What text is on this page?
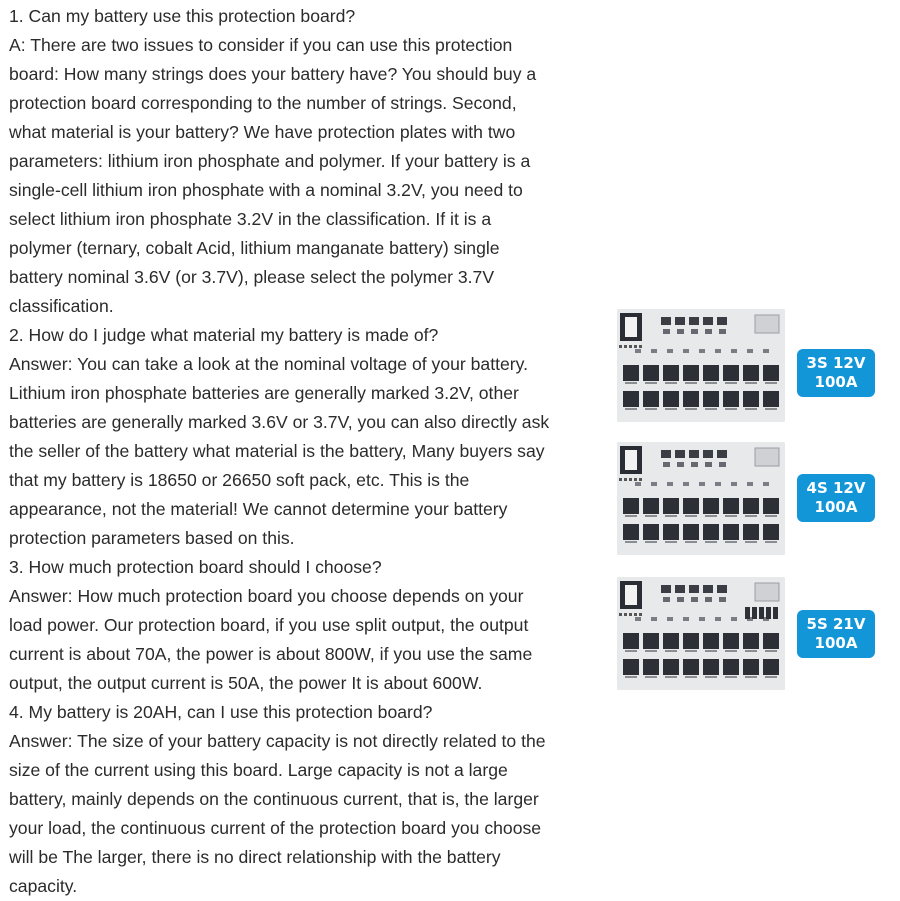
1. Can my battery use this protection board?
A: There are two issues to consider if you can use this protection
board: How many strings does your battery have? You should buy a
protection board corresponding to the number of strings. Second,
what material is your battery? We have protection plates with two
parameters: lithium iron phosphate and polymer. If your battery is a
single-cell lithium iron phosphate with a nominal 3.2V, you need to
select lithium iron phosphate 3.2V in the classification. If it is a
polymer (ternary, cobalt Acid, lithium manganate battery) single
battery nominal 3.6V (or 3.7V), please select the polymer 3.7V
classification.
2. How do I judge what material my battery is made of?
Answer: You can take a look at the nominal voltage of your battery.
Lithium iron phosphate batteries are generally marked 3.2V, other
batteries are generally marked 3.6V or 3.7V, you can also directly ask
the seller of the battery what material is the battery, Many buyers say
that my battery is 18650 or 26650 soft pack, etc. This is the
appearance, not the material! We cannot determine your battery
protection parameters based on this.
3. How much protection board should I choose?
Answer: How much protection board you choose depends on your
load power. Our protection board, if you use split output, the output
current is about 70A, the power is about 800W, if you use the same
output, the output current is 50A, the power It is about 600W.
4. My battery is 20AH, can I use this protection board?
Answer: The size of your battery capacity is not directly related to the
size of the current using this board. Large capacity is not a large
battery, mainly depends on the continuous current, that is, the larger
your load, the continuous current of the protection board you choose
will be The larger, there is no direct relationship with the battery
capacity.
3S 12V
100A
4S 12V
100A
5S 21V
100A
